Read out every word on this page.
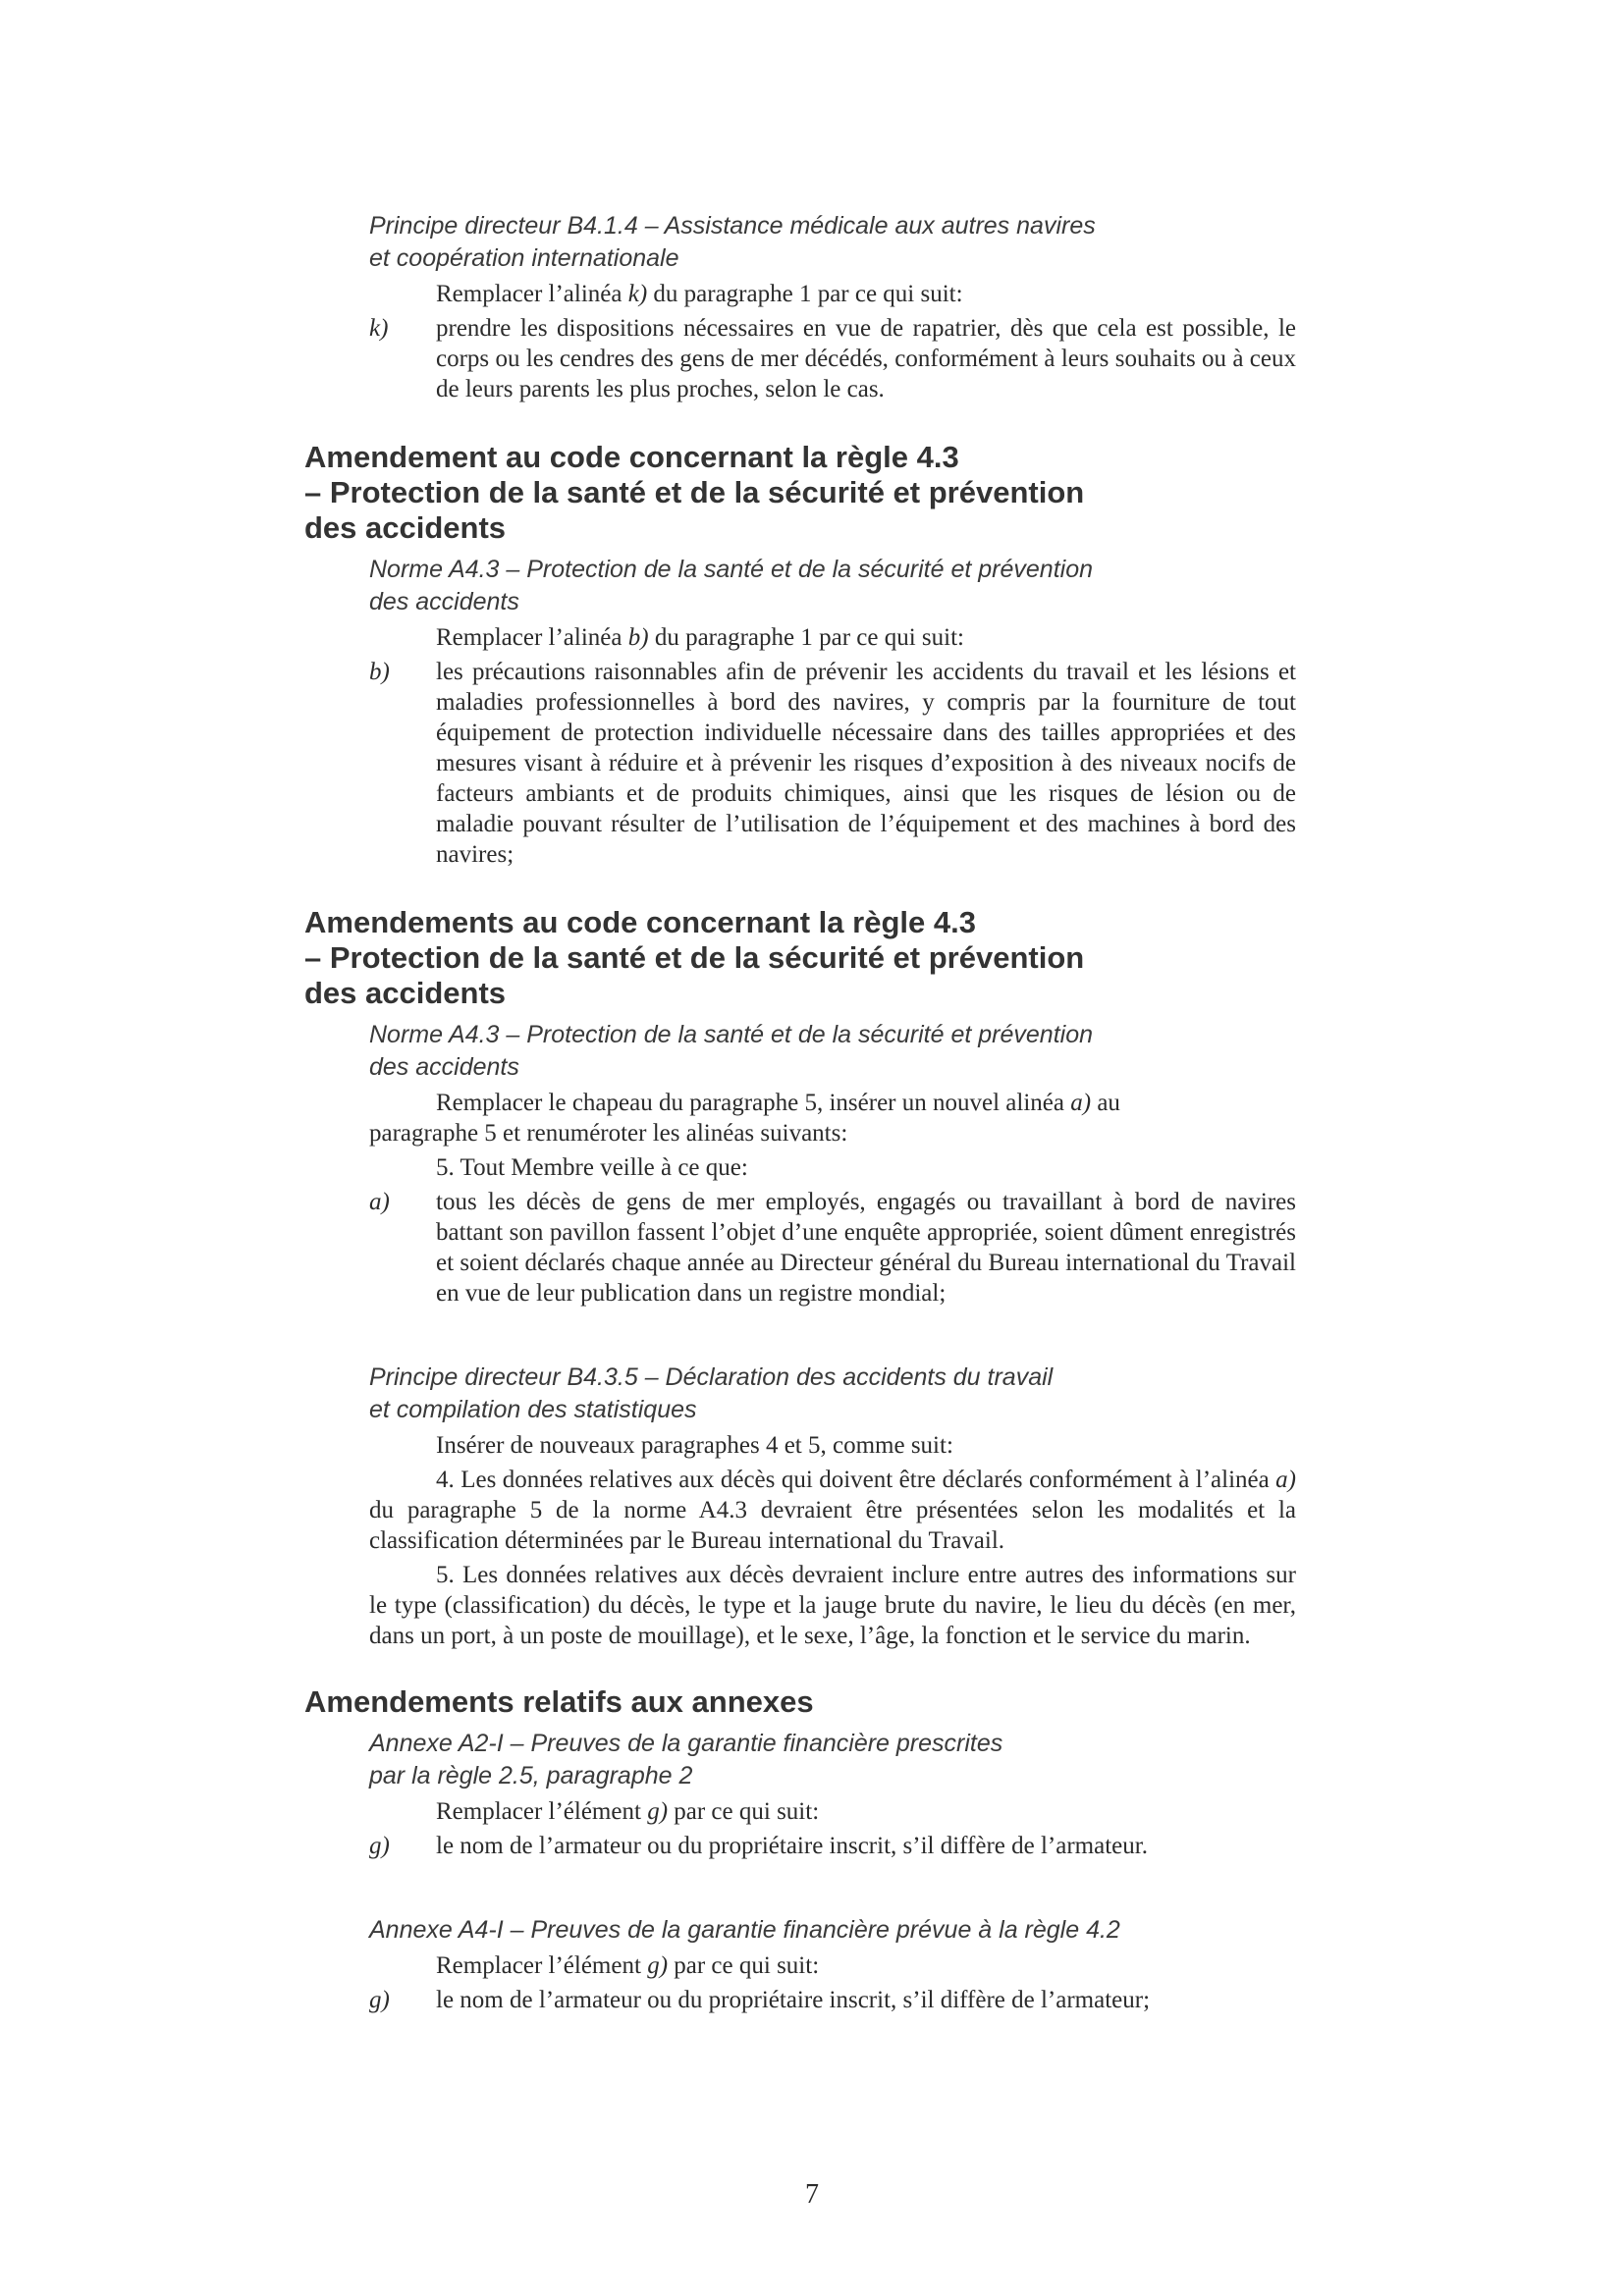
Principe directeur B4.1.4 – Assistance médicale aux autres navires

et coopération internationale

Remplacer l’alinéa k) du paragraphe 1 par ce qui suit:

k)	prendre les dispositions nécessaires en vue de rapatrier, dès que cela est possible, le corps ou les cendres des gens de mer décédés, conformément à leurs souhaits ou à ceux de leurs parents les plus proches, selon le cas.

Amendement au code concernant la règle 4.3

– Protection de la santé et de la sécurité et prévention

des accidents

Norme A4.3 – Protection de la santé et de la sécurité et prévention

des accidents

Remplacer l’alinéa b) du paragraphe 1 par ce qui suit:

b)	les précautions raisonnables afin de prévenir les accidents du travail et les lésions et maladies professionnelles à bord des navires, y compris par la fourniture de tout équipement de protection individuelle nécessaire dans des tailles appropriées et des mesures visant à réduire et à prévenir les risques d’exposition à des niveaux nocifs de facteurs ambiants et de produits chimiques, ainsi que les risques de lésion ou de maladie pouvant résulter de l’utilisation de l’équipement et des machines à bord des navires;

Amendements au code concernant la règle 4.3

– Protection de la santé et de la sécurité et prévention

des accidents

Norme A4.3 – Protection de la santé et de la sécurité et prévention

des accidents

Remplacer le chapeau du paragraphe 5, insérer un nouvel alinéa a) au

paragraphe 5 et renuméroter les alinéas suivants:

5. Tout Membre veille à ce que:

a)	tous les décès de gens de mer employés, engagés ou travaillant à bord de navires battant son pavillon fassent l’objet d’une enquête appropriée, soient dûment enregistrés et soient déclarés chaque année au Directeur général du Bureau international du Travail en vue de leur publication dans un registre mondial;

Principe directeur B4.3.5 – Déclaration des accidents du travail

et compilation des statistiques

Insérer de nouveaux paragraphes 4 et 5, comme suit:

4. Les données relatives aux décès qui doivent être déclarés conformément à l’alinéa a) du paragraphe 5 de la norme A4.3 devraient être présentées selon les modalités et la classification déterminées par le Bureau international du Travail.

5. Les données relatives aux décès devraient inclure entre autres des informations sur le type (classification) du décès, le type et la jauge brute du navire, le lieu du décès (en mer, dans un port, à un poste de mouillage), et le sexe, l’âge, la fonction et le service du marin.

Amendements relatifs aux annexes

Annexe A2-I – Preuves de la garantie financière prescrites

par la règle 2.5, paragraphe 2

Remplacer l’élément g) par ce qui suit:

g)	le nom de l’armateur ou du propriétaire inscrit, s’il diffère de l’armateur.

Annexe A4-I – Preuves de la garantie financière prévue à la règle 4.2

Remplacer l’élément g) par ce qui suit:

g)	le nom de l’armateur ou du propriétaire inscrit, s’il diffère de l’armateur;
7
